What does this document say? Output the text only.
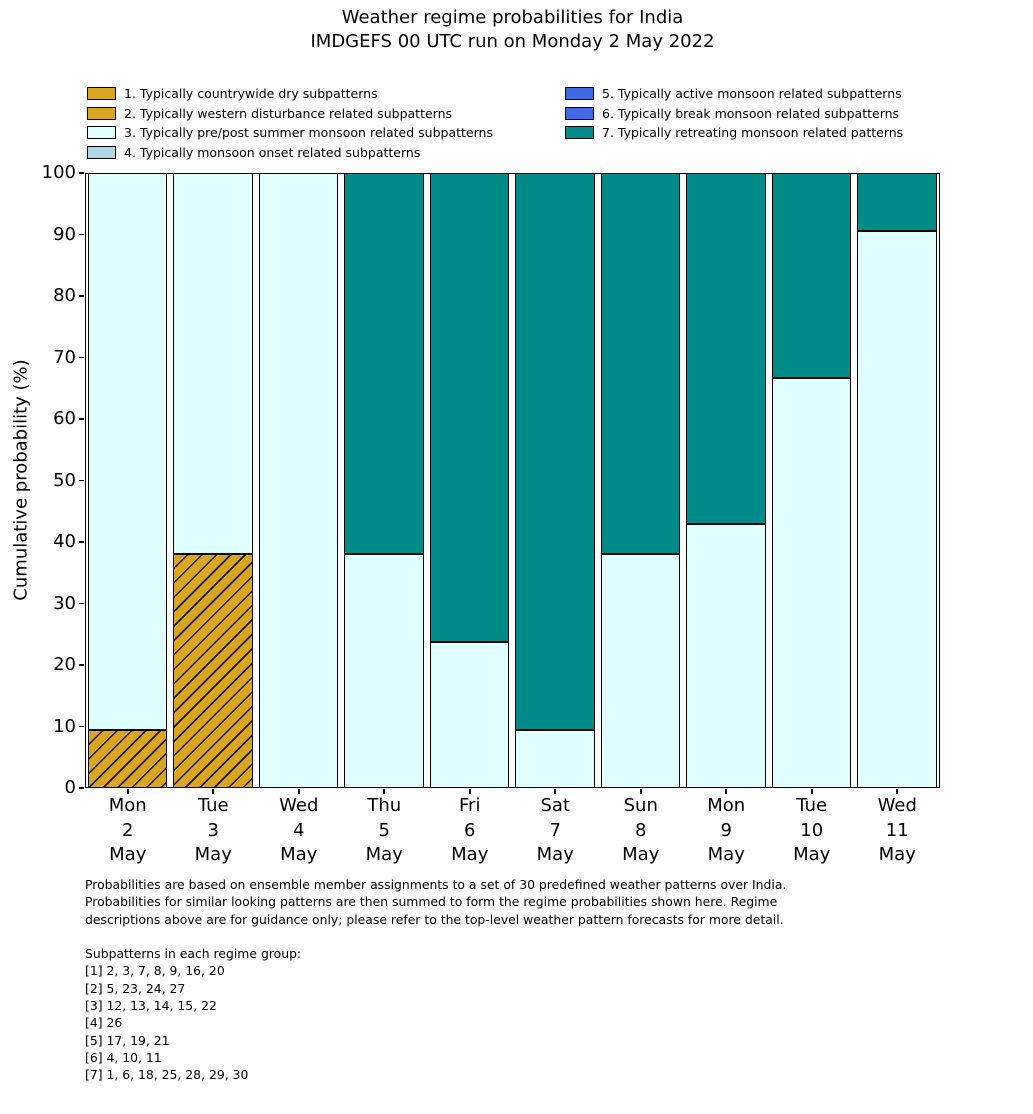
Weather regime probabilities for India
IMDGEFS 00 UTC run on Monday 2 May 2022
1. Typically countrywide dry subpatterns
2. Typically western disturbance related subpatterns
3. Typically pre/post summer monsoon related subpatterns
4. Typically monsoon onset related subpatterns
5. Typically active monsoon related subpatterns
6. Typically break monsoon related subpatterns
7. Typically retreating monsoon related patterns
Cumulative probability (%)
0
10
20
30
40
50
60
70
80
90
100
Mon
2
May
Tue
3
May
Wed
4
May
Thu
5
May
Fri
6
May
Sat
7
May
Sun
8
May
Mon
9
May
Tue
10
May
Wed
11
May
Probabilities are based on ensemble member assignments to a set of 30 predefined weather patterns over India.
Probabilities for similar looking patterns are then summed to form the regime probabilities shown here. Regime
descriptions above are for guidance only; please refer to the top-level weather pattern forecasts for more detail.
Subpatterns in each regime group:
[1] 2, 3, 7, 8, 9, 16, 20
[2] 5, 23, 24, 27
[3] 12, 13, 14, 15, 22
[4] 26
[5] 17, 19, 21
[6] 4, 10, 11
[7] 1, 6, 18, 25, 28, 29, 30
